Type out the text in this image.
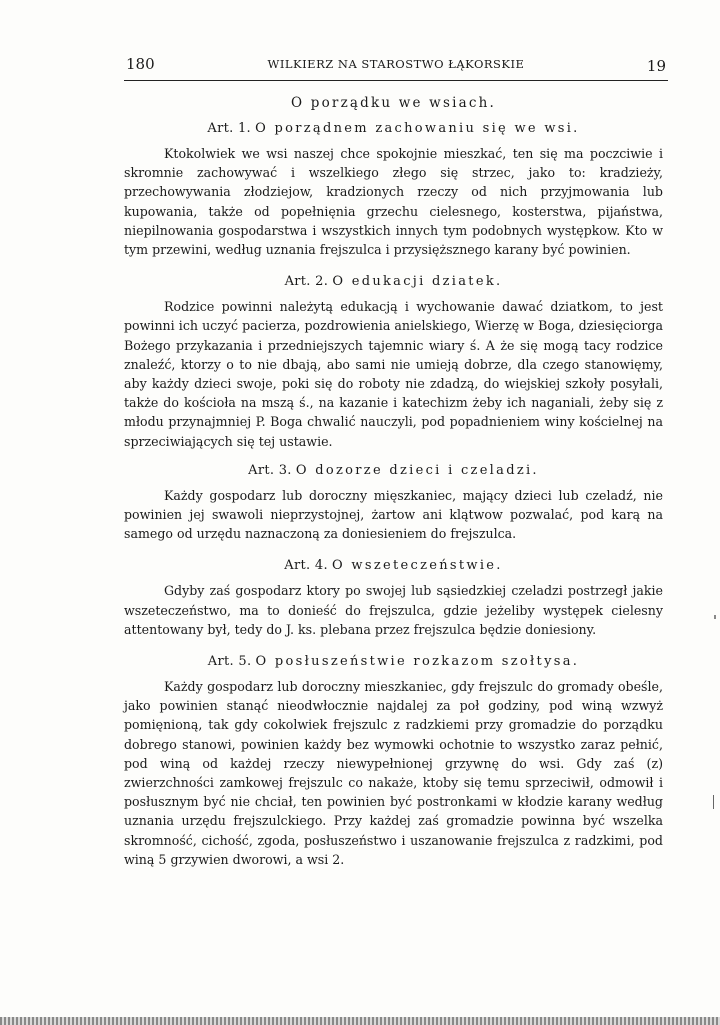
180	WILKIERZ NA STAROSTWO ŁĄKORSKIE	19
O porządku we wsiach.
Art. 1. O porządnem zachowaniu się we wsi.

Ktokolwiek we wsi naszej chce spokojnie mieszkać, ten się ma poczciwie i skromnie zachowywać i wszelkiego złego się strzec, jako to: kradzieży, przechowywania złodziejow, kradzionych rzeczy od nich przyjmowania lub kupowania, także od popełnięnia grzechu cielesnego, kosterstwa, pijaństwa, niepilnowania gospodarstwa i wszystkich innych tym podobnych występkow. Kto w tym przewini, według uznania frejszulca i przysięższnego karany być powinien.

Art. 2. O edukacji dziatek.

Rodzice powinni należytą edukacją i wychowanie dawać dziatkom, to jest powinni ich uczyć pacierza, pozdrowienia anielskiego, Wierzę w Boga, dziesięciorga Bożego przykazania i przedniejszych tajemnic wiary ś. A że się mogą tacy rodzice znaleźć, ktorzy o to nie dbają, abo sami nie umieją dobrze, dla czego stanowięmy, aby każdy dzieci swoje, poki się do roboty nie zdadzą, do wiejskiej szkoły posyłali, także do kościoła na mszą ś., na kazanie i katechizm żeby ich naganiali, żeby się z młodu przynajmniej P. Boga chwalić nauczyli, pod popadnieniem winy kościelnej na sprzeciwiających się tej ustawie.

Art. 3. O dozorze dzieci i czeladzi.

Każdy gospodarz lub doroczny mięszkaniec, mający dzieci lub czeladź, nie powinien jej swawoli nieprzystojnej, żartow ani klątwow pozwalać, pod karą na samego od urzędu naznaczoną za doniesieniem do frejszulca.

Art. 4. O wszeteczeństwie.

Gdyby zaś gospodarz ktory po swojej lub sąsiedzkiej czeladzi postrzegł jakie wszeteczeństwo, ma to donieść do frejszulca, gdzie jeżeliby występek cielesny attentowany był, tedy do J. ks. plebana przez frejszulca będzie doniesiony.

Art. 5. O posłuszeństwie rozkazom szołtysa.

Każdy gospodarz lub doroczny mieszkaniec, gdy frejszulc do gromady obeśle, jako powinien stanąć nieodwłocznie najdalej za poł godziny, pod winą wzwyż pomięnioną, tak gdy cokolwiek frejszulc z radzkiemi przy gromadzie do porządku dobrego stanowi, powinien każdy bez wymowki ochotnie to wszystko zaraz pełnić, pod winą od każdej rzeczy niewypełnionej grzywnę do wsi. Gdy zaś (z) zwierzchności zamkowej frejszulc co nakaże, ktoby się temu sprzeciwił, odmowił i posłusznym być nie chciał, ten powinien być postronkami w kłodzie karany według uznania urzędu frejszulckiego. Przy każdej zaś gromadzie powinna być wszelka skromność, cichość, zgoda, posłuszeństwo i uszanowanie frejszulca z radzkimi, pod winą 5 grzywien dworowi, a wsi 2.
